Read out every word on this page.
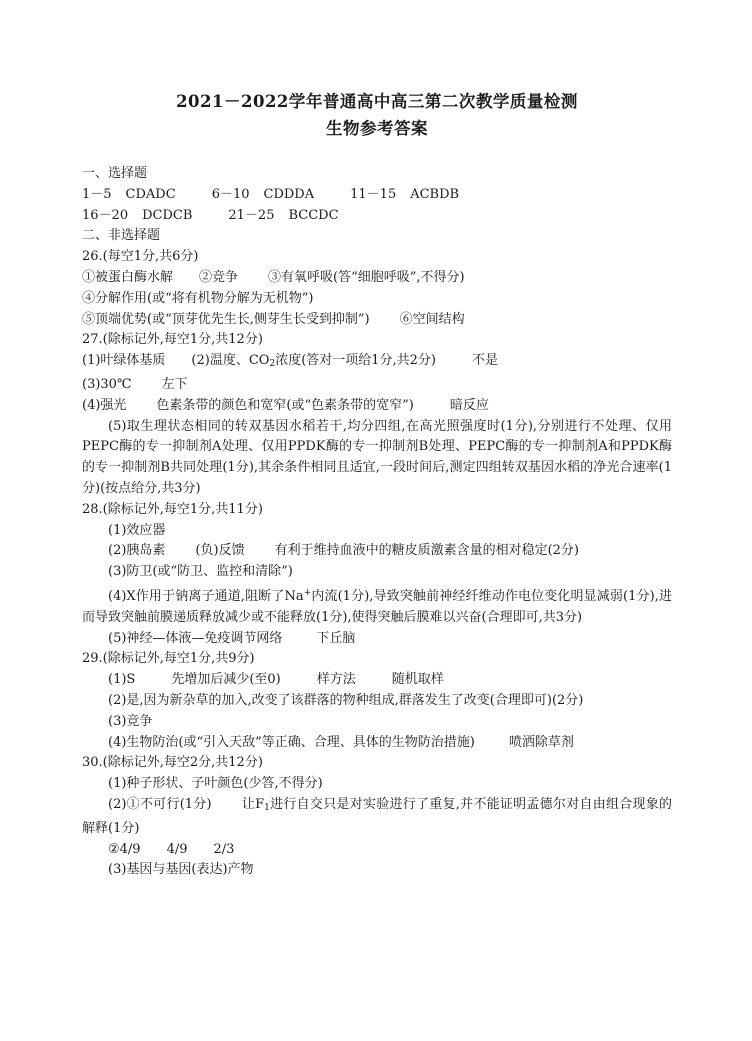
2021－2022学年普通高中高三第二次教学质量检测
生物参考答案
一、选择题
1－5 CDADC	6－10 CDDDA	11－15 ACBDB
16－20 DCDCB	21－25 BCCDC
二、非选择题
26.(每空1分,共6分)
①被蛋白酶水解 ②竞争 ③有氧呼吸(答“细胞呼吸”,不得分)
④分解作用(或“将有机物分解为无机物”)
⑤顶端优势(或“顶芽优先生长,侧芽生长受到抑制”) ⑥空间结构
27.(除标记外,每空1分,共12分)
(1)叶绿体基质 (2)温度、$CO_2$浓度(答对一项给1分,共2分)	不是
(3)30℃ 左下
(4)强光 色素条带的颜色和宽窄(或“色素条带的宽窄”)	暗反应
(5)取生理状态相同的转双基因水稻若干,均分四组,在高光照强度时(1分),分别进行不处理、仅用PEPC酶的专一抑制剂A处理、仅用PPDK酶的专一抑制剂B处理、PEPC酶的专一抑制剂A和PPDK酶的专一抑制剂B共同处理(1分),其余条件相同且适宜,一段时间后,测定四组转双基因水稻的净光合速率(1分)(按点给分,共3分)
28.(除标记外,每空1分,共11分)
(1)效应器
(2)胰岛素 (负)反馈 有利于维持血液中的糖皮质激素含量的相对稳定(2分)
(3)防卫(或“防卫、监控和清除”)
(4)X作用于钠离子通道,阻断了Na+内流(1分),导致突触前神经纤维动作电位变化明显减弱(1分),进而导致突触前膜递质释放减少或不能释放(1分),使得突触后膜难以兴奋(合理即可,共3分)
(5)神经—体液—免疫调节网络	下丘脑
29.(除标记外,每空1分,共9分)
(1)S	先增加后减少(至0)	样方法	随机取样
(2)是,因为新杂草的加入,改变了该群落的物种组成,群落发生了改变(合理即可)(2分)
(3)竞争
(4)生物防治(或“引入天敌”等正确、合理、具体的生物防治措施)	喷洒除草剂
30.(除标记外,每空2分,共12分)
(1)种子形状、子叶颜色(少答,不得分)
(2)①不可行(1分) 让$F_1$进行自交只是对实验进行了重复,并不能证明孟德尔对自由组合现象的解释(1分)
②4/9 4/9 2/3
(3)基因与基因(表达)产物
